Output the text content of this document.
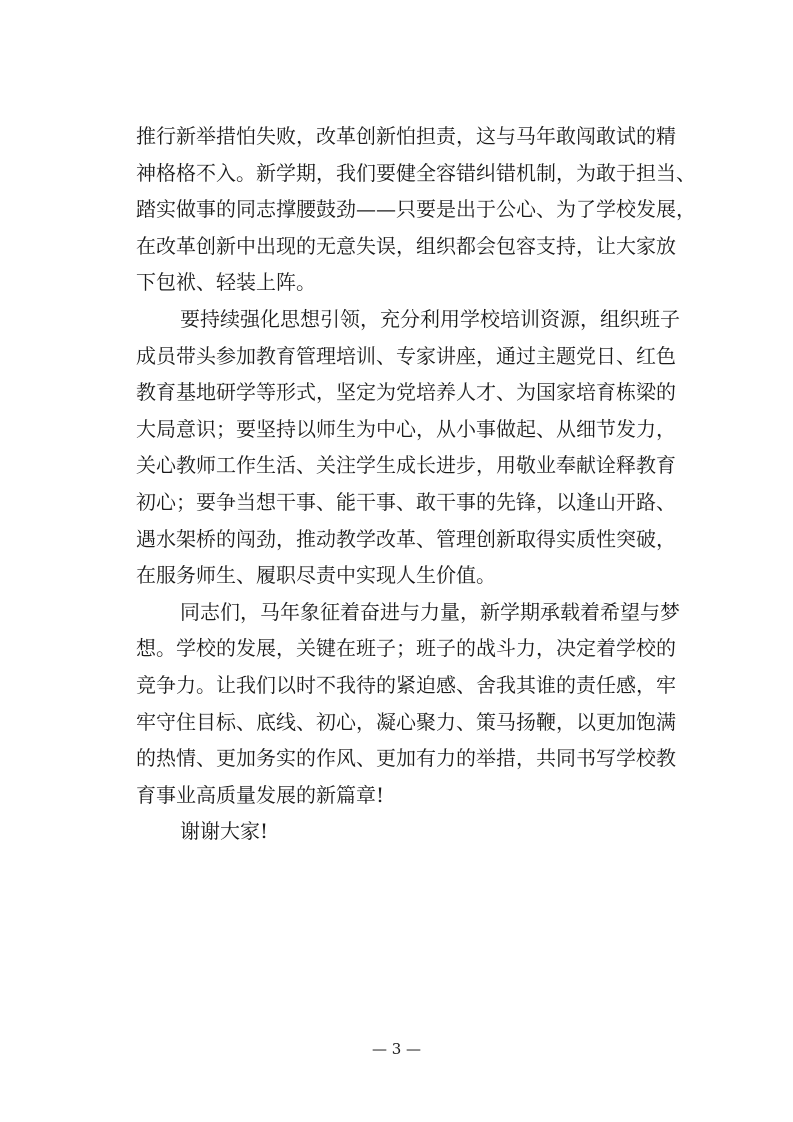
推行新举措怕失败，改革创新怕担责，这与马年敢闯敢试的精
神格格不入。新学期，我们要健全容错纠错机制，为敢于担当、
踏实做事的同志撑腰鼓劲——只要是出于公心、为了学校发展，
在改革创新中出现的无意失误，组织都会包容支持，让大家放
下包袱、轻装上阵。
要持续强化思想引领，充分利用学校培训资源，组织班子
成员带头参加教育管理培训、专家讲座，通过主题党日、红色
教育基地研学等形式，坚定为党培养人才、为国家培育栋梁的
大局意识；要坚持以师生为中心，从小事做起、从细节发力，
关心教师工作生活、关注学生成长进步，用敬业奉献诠释教育
初心；要争当想干事、能干事、敢干事的先锋，以逢山开路、
遇水架桥的闯劲，推动教学改革、管理创新取得实质性突破，
在服务师生、履职尽责中实现人生价值。
同志们，马年象征着奋进与力量，新学期承载着希望与梦
想。学校的发展，关键在班子；班子的战斗力，决定着学校的
竞争力。让我们以时不我待的紧迫感、舍我其谁的责任感，牢
牢守住目标、底线、初心，凝心聚力、策马扬鞭，以更加饱满
的热情、更加务实的作风、更加有力的举措，共同书写学校教
育事业高质量发展的新篇章!
谢谢大家!
— 3 —
